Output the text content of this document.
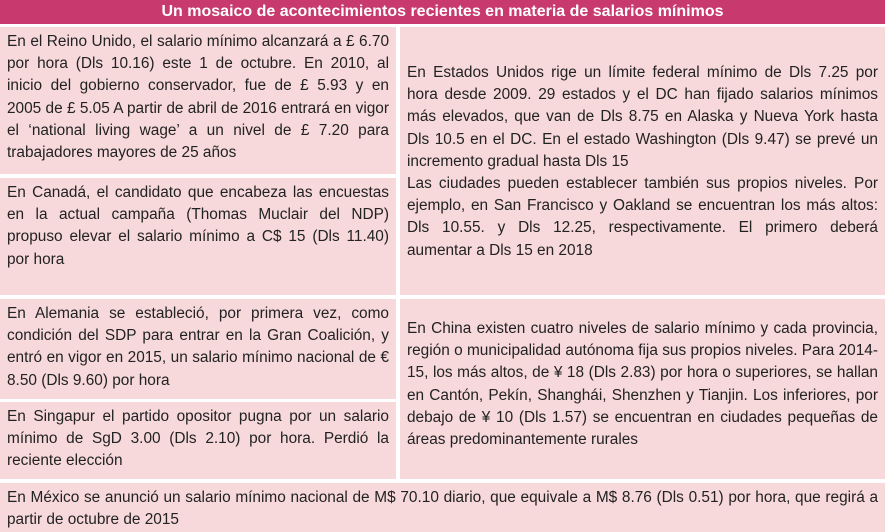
Un mosaico de acontecimientos recientes en materia de salarios mínimos
En el Reino Unido, el salario mínimo alcanzará a £ 6.70 por hora (Dls 10.16) este 1 de octubre. En 2010, al inicio del gobierno conservador, fue de £ 5.93 y en 2005 de £ 5.05 A partir de abril de 2016 entrará en vigor el ‘national living wage’ a un nivel de £ 7.20 para trabajadores mayores de 25 años
En Canadá, el candidato que encabeza las encuestas en la actual campaña (Thomas Muclair del NDP) propuso elevar el salario mínimo a C$ 15 (Dls 11.40) por hora
En Estados Unidos rige un límite federal mínimo de Dls 7.25 por hora desde 2009. 29 estados y el DC han fijado salarios mínimos más elevados, que van de Dls 8.75 en Alaska y Nueva York hasta Dls 10.5 en el DC. En el estado Washington (Dls 9.47) se prevé un incremento gradual hasta Dls 15
Las ciudades pueden establecer también sus propios niveles. Por ejemplo, en San Francisco y Oakland se encuentran los más altos: Dls 10.55. y Dls 12.25, respectivamente. El primero deberá aumentar a Dls 15 en 2018
En Alemania se estableció, por primera vez, como condición del SDP para entrar en la Gran Coalición, y entró en vigor en 2015, un salario mínimo nacional de € 8.50 (Dls 9.60) por hora
En Singapur el partido opositor pugna por un salario mínimo de SgD 3.00 (Dls 2.10) por hora. Perdió la reciente elección
En China existen cuatro niveles de salario mínimo y cada provincia, región o municipalidad autónoma fija sus propios niveles. Para 2014-15, los más altos, de ¥ 18 (Dls 2.83) por hora o superiores, se hallan en Cantón, Pekín, Shanghái, Shenzhen y Tianjin. Los inferiores, por debajo de ¥ 10 (Dls 1.57) se encuentran en ciudades pequeñas de áreas predominantemente rurales
En México se anunció un salario mínimo nacional de M$ 70.10 diario, que equivale a M$ 8.76 (Dls 0.51) por hora, que regirá a partir de octubre de 2015
